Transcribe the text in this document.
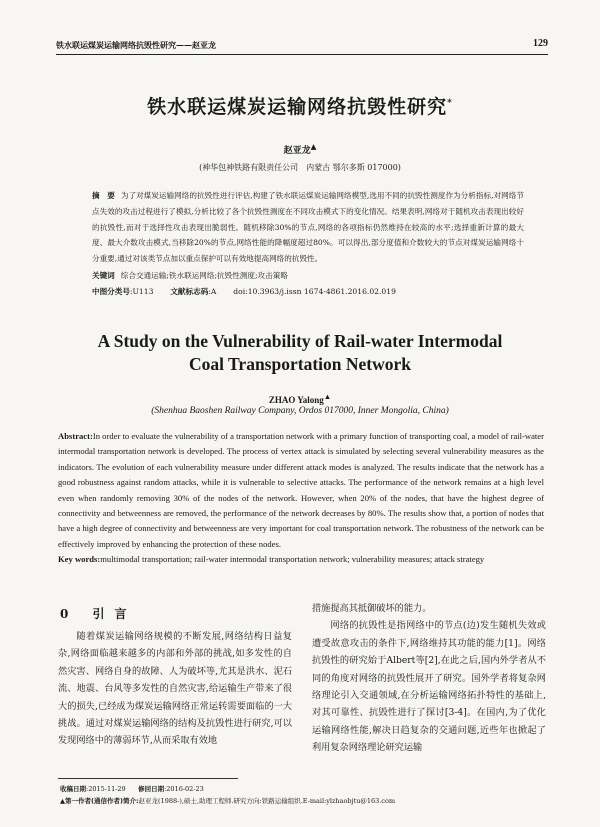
铁水联运煤炭运输网络抗毁性研究——赵亚龙	129
铁水联运煤炭运输网络抗毁性研究*
赵亚龙▲
(神华包神铁路有限责任公司　内蒙古 鄂尔多斯 017000)
摘　要 为了对煤炭运输网络的抗毁性进行评估,构建了铁水联运煤炭运输网络模型,选用不同的抗毁性测度作为分析指标,对网络节点失效的攻击过程进行了模拟,分析比较了各个抗毁性测度在不同攻击模式下的变化情况。结果表明,网络对于随机攻击表现出较好的抗毁性,而对于选择性攻击表现出脆弱性。随机移除30%的节点,网络的各项指标仍然维持在较高的水平;选择重新计算的最大度、最大介数攻击模式,当移除20%的节点,网络性能的降幅度超过80%。可以得出,部分度值和介数较大的节点对煤炭运输网络十分重要,通过对该类节点加以重点保护可以有效地提高网络的抗毁性。
关键词 综合交通运输;铁水联运网络;抗毁性测度;攻击策略
中图分类号:U113 文献标志码:A doi:10.3963/j.issn 1674-4861.2016.02.019
A Study on the Vulnerability of Rail-water Intermodal
Coal Transportation Network
ZHAO Yalong▲
(Shenhua Baoshen Railway Company, Ordos 017000, Inner Mongolia, China)
Abstract:In order to evaluate the vulnerability of a transportation network with a primary function of transporting coal, a model of rail-water intermodal transportation network is developed. The process of vertex attack is simulated by selecting several vulnerability measures as the indicators. The evolution of each vulnerability measure under different attack modes is analyzed. The results indicate that the network has a good robustness against random attacks, while it is vulnerable to selective attacks. The performance of the network remains at a high level even when randomly removing 30% of the nodes of the network. However, when 20% of the nodes, that have the highest degree of connectivity and betweenness are removed, the performance of the network decreases by 80%. The results show that, a portion of nodes that have a high degree of connectivity and betweenness are very important for coal transportation network. The robustness of the network can be effectively improved by enhancing the protection of these nodes.
Key words:multimodal transportation; rail-water intermodal transportation network; vulnerability measures; attack strategy
0 引言
随着煤炭运输网络规模的不断发展,网络结构日益复杂,网络面临越来越多的内部和外部的挑战,如多发性的自然灾害、网络自身的故障、人为破坏等,尤其是洪水、泥石流、地震、台风等多发性的自然灾害,给运输生产带来了很大的损失,已经成为煤炭运输网络正常运转需要面临的一大挑战。通过对煤炭运输网络的结构及抗毁性进行研究,可以发现网络中的薄弱环节,从而采取有效地
措施提高其抵御破坏的能力。
网络的抗毁性是指网络中的节点(边)发生随机失效或遭受故意攻击的条件下,网络维持其功能的能力[1]。网络抗毁性的研究始于Albert等[2],在此之后,国内外学者从不同的角度对网络的抗毁性展开了研究。国外学者将复杂网络理论引入交通领域,在分析运输网络拓扑特性的基础上,对其可靠性、抗毁性进行了探讨[3-4]。在国内,为了优化运输网络性能,解决日趋复杂的交通问题,近些年也掀起了利用复杂网络理论研究运输
收稿日期:2015-11-29 修回日期:2016-02-23
▲第一作者(通信作者)简介:赵亚龙(1988-),硕士,助理工程师.研究方向:铁路运输组织.E-mail:ylzhaobjtu@163.com
